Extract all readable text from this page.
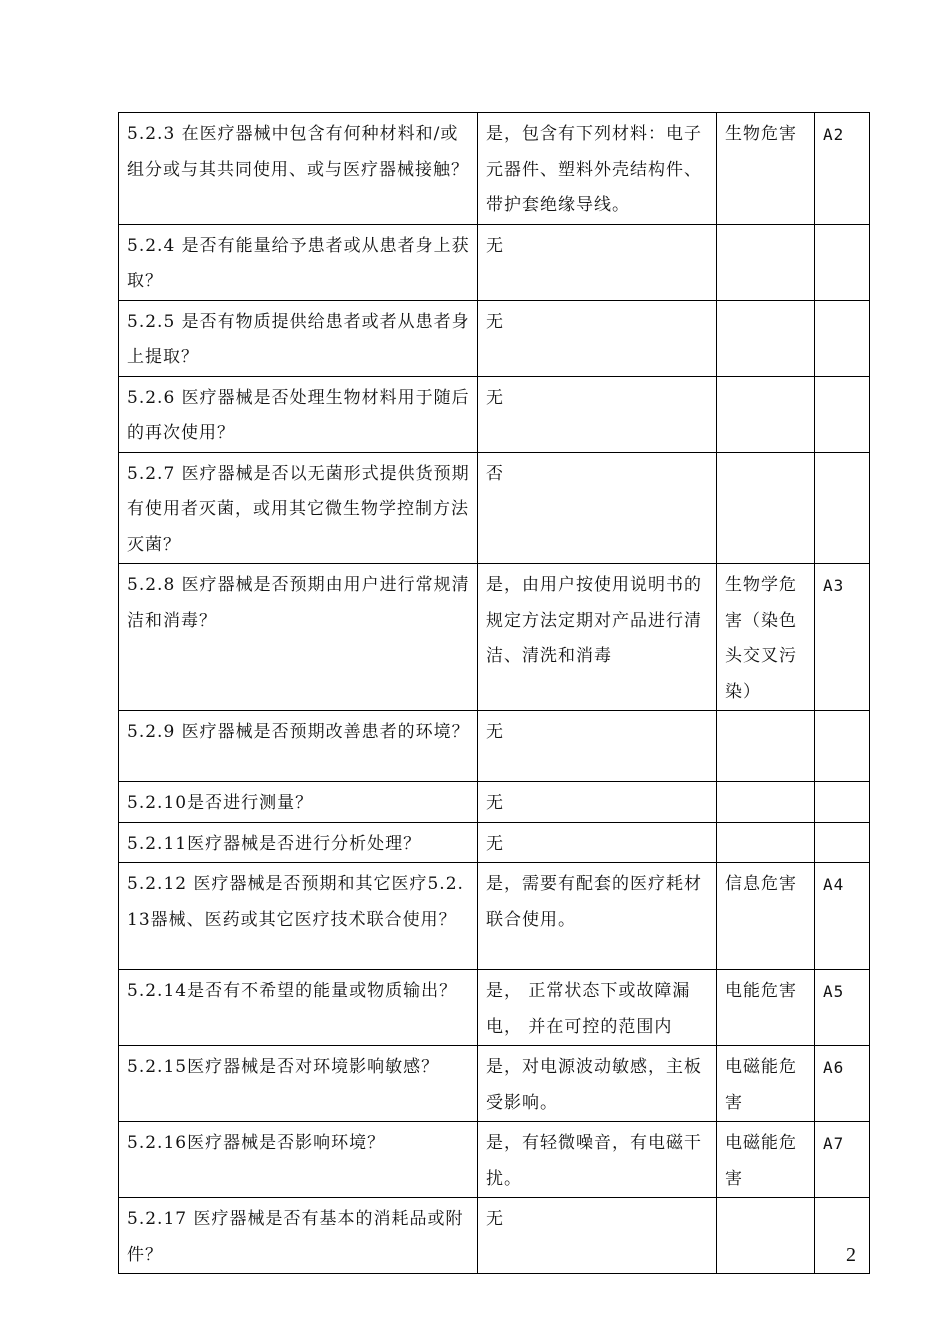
5.2.3 在医疗器械中包含有何种材料和/或组分或与其共同使用、或与医疗器械接触？	是，包含有下列材料：电子元器件、塑料外壳结构件、带护套绝缘导线。	生物危害	A2
5.2.4 是否有能量给予患者或从患者身上获取？	无		
5.2.5 是否有物质提供给患者或者从患者身上提取？	无		
5.2.6 医疗器械是否处理生物材料用于随后的再次使用？	无		
5.2.7 医疗器械是否以无菌形式提供货预期有使用者灭菌，或用其它微生物学控制方法灭菌？	否		
5.2.8 医疗器械是否预期由用户进行常规清洁和消毒？	是，由用户按使用说明书的规定方法定期对产品进行清洁、清洗和消毒	生物学危害（染色头交叉污染）	A3
5.2.9 医疗器械是否预期改善患者的环境？	无		
5.2.10是否进行测量？	无		
5.2.11医疗器械是否进行分析处理？	无		
5.2.12 医疗器械是否预期和其它医疗5.2.13器械、医药或其它医疗技术联合使用？	是，需要有配套的医疗耗材联合使用。	信息危害	A4
5.2.14是否有不希望的能量或物质输出？	是， 正常状态下或故障漏电， 并在可控的范围内	电能危害	A5
5.2.15医疗器械是否对环境影响敏感？	是，对电源波动敏感，主板受影响。	电磁能危害	A6
5.2.16医疗器械是否影响环境？	是，有轻微噪音，有电磁干扰。	电磁能危害	A7
5.2.17 医疗器械是否有基本的消耗品或附件？	无		
2
